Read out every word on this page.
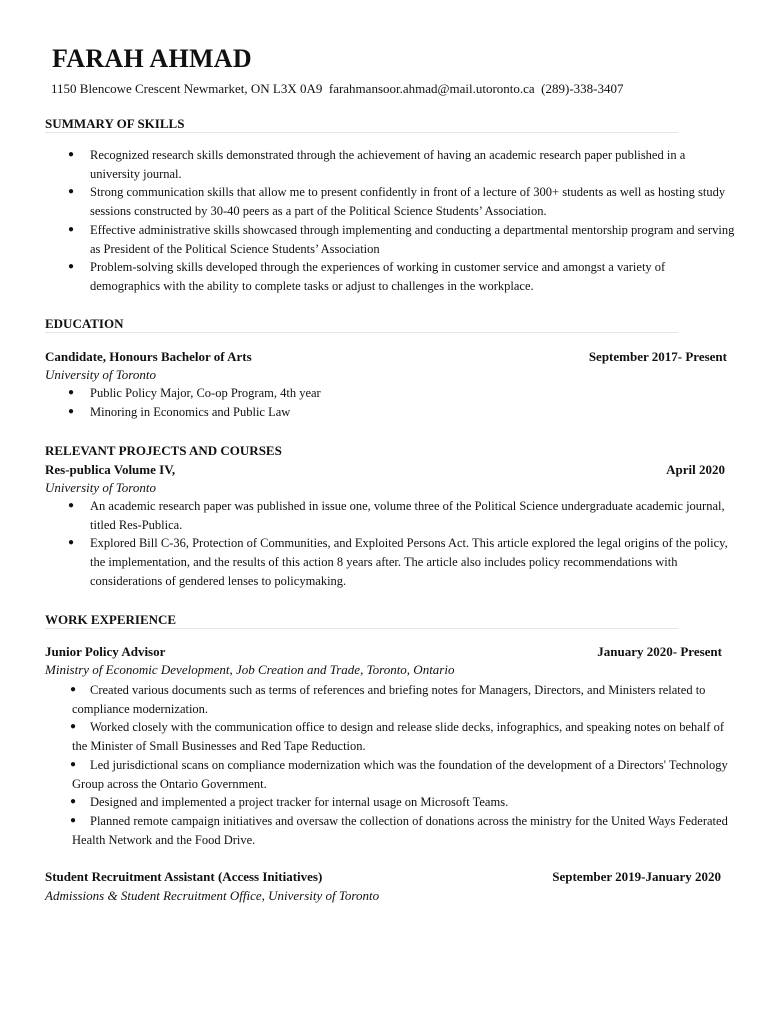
FARAH AHMAD
1150 Blencowe Crescent Newmarket, ON L3X 0A9  farahmansoor.ahmad@mail.utoronto.ca  (289)-338-3407
SUMMARY OF SKILLS
● Recognized research skills demonstrated through the achievement of having an academic research paper published in a university journal.
● Strong communication skills that allow me to present confidently in front of a lecture of 300+ students as well as hosting study sessions constructed by 30-40 peers as a part of the Political Science Students’ Association.
● Effective administrative skills showcased through implementing and conducting a departmental mentorship program and serving as President of the Political Science Students’ Association
● Problem-solving skills developed through the experiences of working in customer service and amongst a variety of demographics with the ability to complete tasks or adjust to challenges in the workplace.
EDUCATION
Candidate, Honours Bachelor of Arts	September 2017- Present
University of Toronto
● Public Policy Major, Co-op Program, 4th year
● Minoring in Economics and Public Law
RELEVANT PROJECTS AND COURSES
Res-publica Volume IV,	April 2020
University of Toronto
● An academic research paper was published in issue one, volume three of the Political Science undergraduate academic journal, titled Res-Publica.
● Explored Bill C-36, Protection of Communities, and Exploited Persons Act. This article explored the legal origins of the policy, the implementation, and the results of this action 8 years after. The article also includes policy recommendations with considerations of gendered lenses to policymaking.
WORK EXPERIENCE
Junior Policy Advisor	January 2020- Present
Ministry of Economic Development, Job Creation and Trade, Toronto, Ontario
● Created various documents such as terms of references and briefing notes for Managers, Directors, and Ministers related to compliance modernization.
● Worked closely with the communication office to design and release slide decks, infographics, and speaking notes on behalf of the Minister of Small Businesses and Red Tape Reduction.
● Led jurisdictional scans on compliance modernization which was the foundation of the development of a Directors' Technology Group across the Ontario Government.
● Designed and implemented a project tracker for internal usage on Microsoft Teams.
● Planned remote campaign initiatives and oversaw the collection of donations across the ministry for the United Ways Federated Health Network and the Food Drive.
Student Recruitment Assistant (Access Initiatives)	September 2019-January 2020
Admissions & Student Recruitment Office, University of Toronto
